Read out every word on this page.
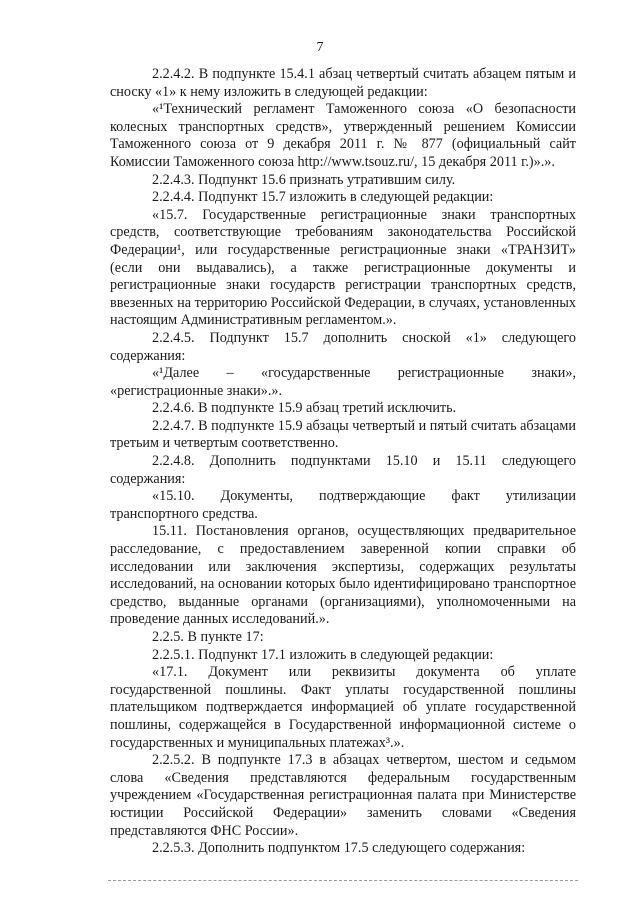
7

2.2.4.2. В подпункте 15.4.1 абзац четвертый считать абзацем пятым и сноску «1» к нему изложить в следующей редакции:

«¹Технический регламент Таможенного союза «О безопасности колесных транспортных средств», утвержденный решением Комиссии Таможенного союза от 9 декабря 2011 г. № 877 (официальный сайт Комиссии Таможенного союза http://www.tsouz.ru/, 15 декабря 2011 г.)».».

2.2.4.3. Подпункт 15.6 признать утратившим силу.

2.2.4.4. Подпункт 15.7 изложить в следующей редакции:

«15.7. Государственные регистрационные знаки транспортных средств, соответствующие требованиям законодательства Российской Федерации¹, или государственные регистрационные знаки «ТРАНЗИТ» (если они выдавались), а также регистрационные документы и регистрационные знаки государств регистрации транспортных средств, ввезенных на территорию Российской Федерации, в случаях, установленных настоящим Административным регламентом.».

2.2.4.5. Подпункт 15.7 дополнить сноской «1» следующего содержания:

«¹Далее – «государственные регистрационные знаки», «регистрационные знаки».».

2.2.4.6. В подпункте 15.9 абзац третий исключить.

2.2.4.7. В подпункте 15.9 абзацы четвертый и пятый считать абзацами третьим и четвертым соответственно.

2.2.4.8. Дополнить подпунктами 15.10 и 15.11 следующего содержания:

«15.10. Документы, подтверждающие факт утилизации транспортного средства.

15.11. Постановления органов, осуществляющих предварительное расследование, с предоставлением заверенной копии справки об исследовании или заключения экспертизы, содержащих результаты исследований, на основании которых было идентифицировано транспортное средство, выданные органами (организациями), уполномоченными на проведение данных исследований.».

2.2.5. В пункте 17:

2.2.5.1. Подпункт 17.1 изложить в следующей редакции:

«17.1. Документ или реквизиты документа об уплате государственной пошлины. Факт уплаты государственной пошлины плательщиком подтверждается информацией об уплате государственной пошлины, содержащейся в Государственной информационной системе о государственных и муниципальных платежах³.».

2.2.5.2. В подпункте 17.3 в абзацах четвертом, шестом и седьмом слова «Сведения представляются федеральным государственным учреждением «Государственная регистрационная палата при Министерстве юстиции Российской Федерации» заменить словами «Сведения представляются ФНС России».

2.2.5.3. Дополнить подпунктом 17.5 следующего содержания:
